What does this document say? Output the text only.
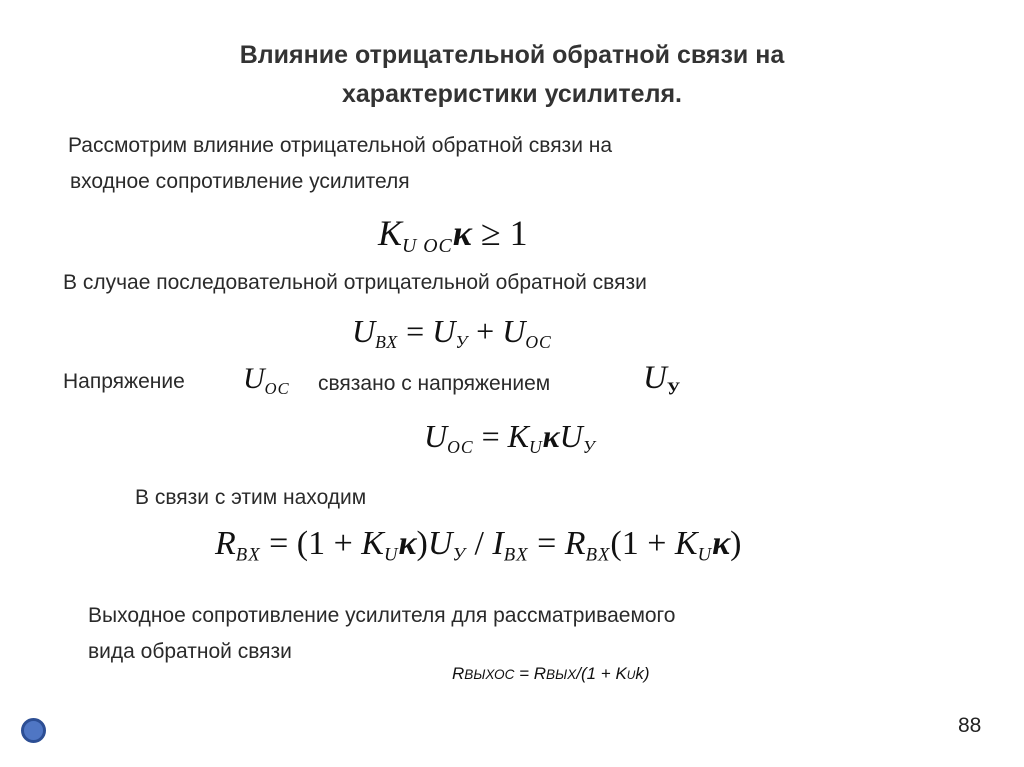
Влияние отрицательной обратной связи на
характеристики усилителя.
Рассмотрим влияние отрицательной обратной связи на
входное сопротивление усилителя
$K_{U OC}\kappa \ge 1$
В случае последовательной отрицательной обратной связи
$U_{ВХ} = U_У + U_{OC}$
Напряжение $U_{OC}$ связано с напряжением	$U_У$
$U_{OC} = K_U\kappa U_У$
В связи с этим находим
$R_{BX} = (1 + K_U\kappa)U_У / I_{BX} = R_{BX}(1 + K_U\kappa)$
Выходное сопротивление усилителя для рассматриваемого
вида обратной связи
RВЫХОС = RВЫХ/(1 + KUk)
88
